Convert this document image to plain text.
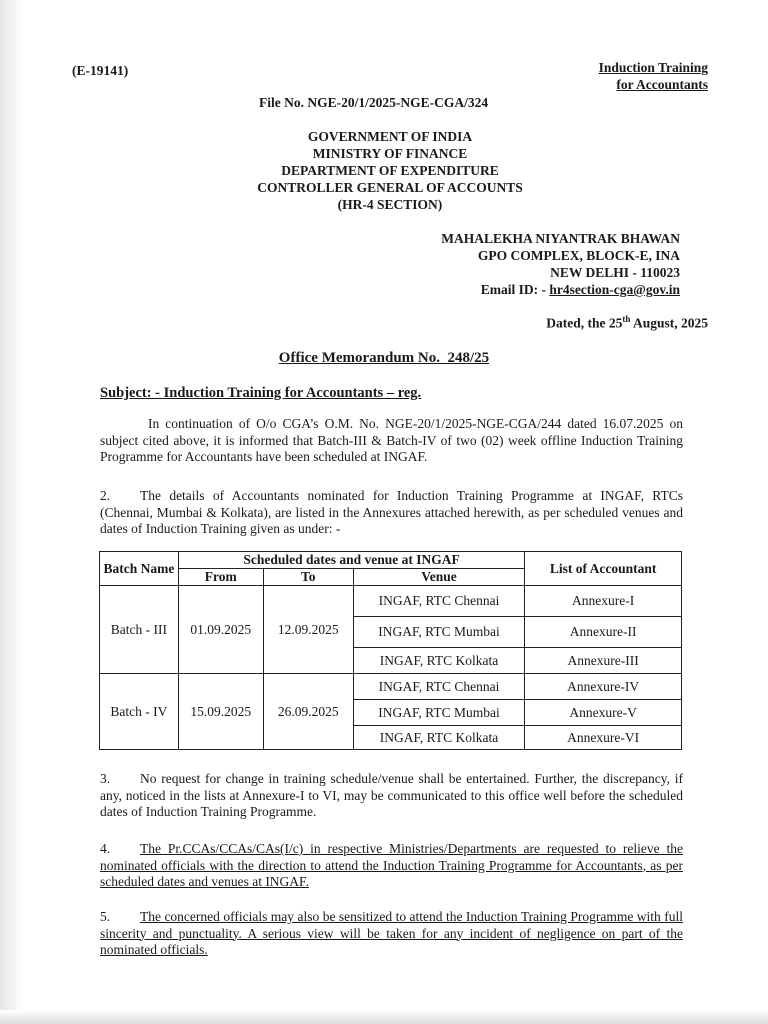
(E-19141)	Induction Training
for Accountants
File No. NGE-20/1/2025-NGE-CGA/324
GOVERNMENT OF INDIA
MINISTRY OF FINANCE
DEPARTMENT OF EXPENDITURE
CONTROLLER GENERAL OF ACCOUNTS
(HR-4 SECTION)
MAHALEKHA NIYANTRAK BHAWAN
GPO COMPLEX, BLOCK-E, INA
NEW DELHI - 110023
Email ID: - hr4section-cga@gov.in
Dated, the 25th August, 2025
Office Memorandum No.  248/25
Subject: - Induction Training for Accountants – reg.
In continuation of O/o CGA’s O.M. No. NGE-20/1/2025-NGE-CGA/244 dated 16.07.2025 on subject cited above, it is informed that Batch-III & Batch-IV of two (02) week offline Induction Training Programme for Accountants have been scheduled at INGAF.
2. The details of Accountants nominated for Induction Training Programme at INGAF, RTCs (Chennai, Mumbai & Kolkata), are listed in the Annexures attached herewith, as per scheduled venues and dates of Induction Training given as under: -
Batch Name	Scheduled dates and venue at INGAF			List of Accountant
	From	To	Venue	
Batch - III	01.09.2025	12.09.2025	INGAF, RTC Chennai	Annexure-I
			INGAF, RTC Mumbai	Annexure-II
			INGAF, RTC Kolkata	Annexure-III
Batch - IV	15.09.2025	26.09.2025	INGAF, RTC Chennai	Annexure-IV
			INGAF, RTC Mumbai	Annexure-V
			INGAF, RTC Kolkata	Annexure-VI
3. No request for change in training schedule/venue shall be entertained. Further, the discrepancy, if any, noticed in the lists at Annexure-I to VI, may be communicated to this office well before the scheduled dates of Induction Training Programme.
4. The Pr.CCAs/CCAs/CAs(I/c) in respective Ministries/Departments are requested to relieve the nominated officials with the direction to attend the Induction Training Programme for Accountants, as per scheduled dates and venues at INGAF.
5. The concerned officials may also be sensitized to attend the Induction Training Programme with full sincerity and punctuality. A serious view will be taken for any incident of negligence on part of the nominated officials.
